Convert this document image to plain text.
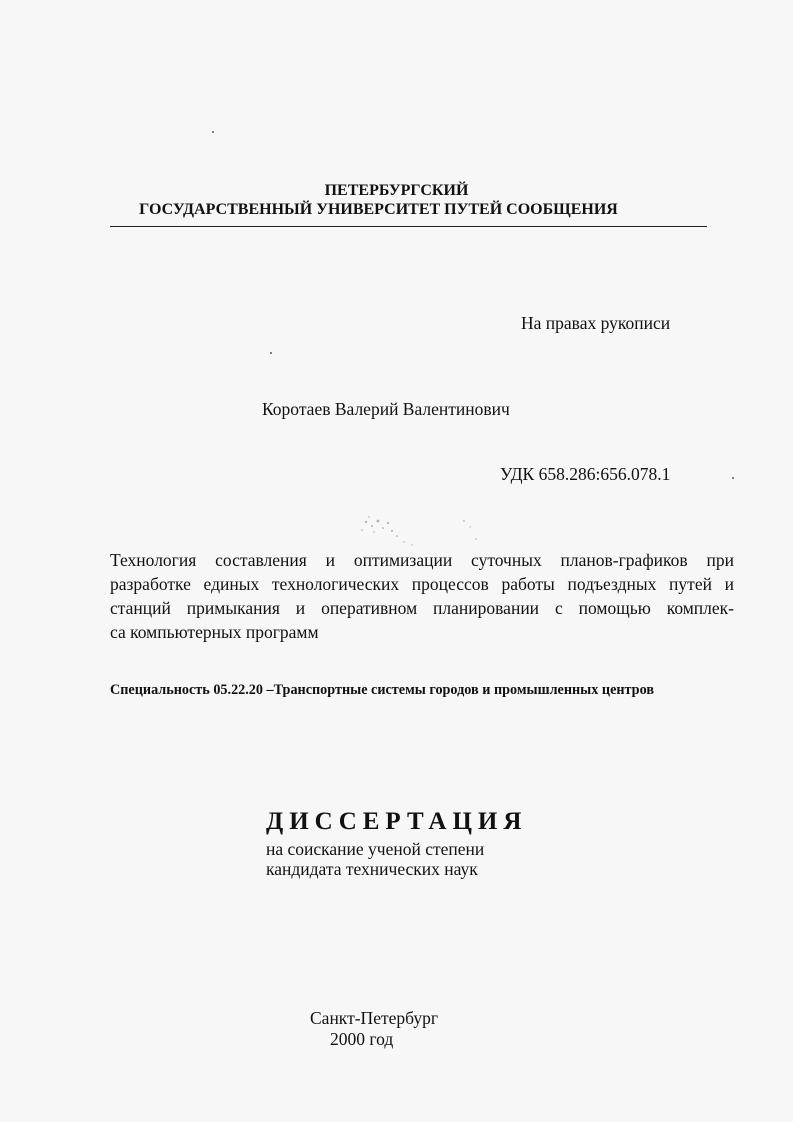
ПЕТЕРБУРГСКИЙ
ГОСУДАРСТВЕННЫЙ УНИВЕРСИТЕТ ПУТЕЙ СООБЩЕНИЯ
На правах рукописи
Коротаев Валерий Валентинович
УДК 658.286:656.078.1
Технология составления и оптимизации суточных планов-графиков при
разработке единых технологических процессов работы подъездных путей и
станций примыкания и оперативном планировании с помощью комплек-
са компьютерных программ
Специальность 05.22.20 –Транспортные системы городов и промышленных центров
ДИССЕРТАЦИЯ
на соискание ученой степени
кандидата технических наук
Санкт-Петербург
2000 год
